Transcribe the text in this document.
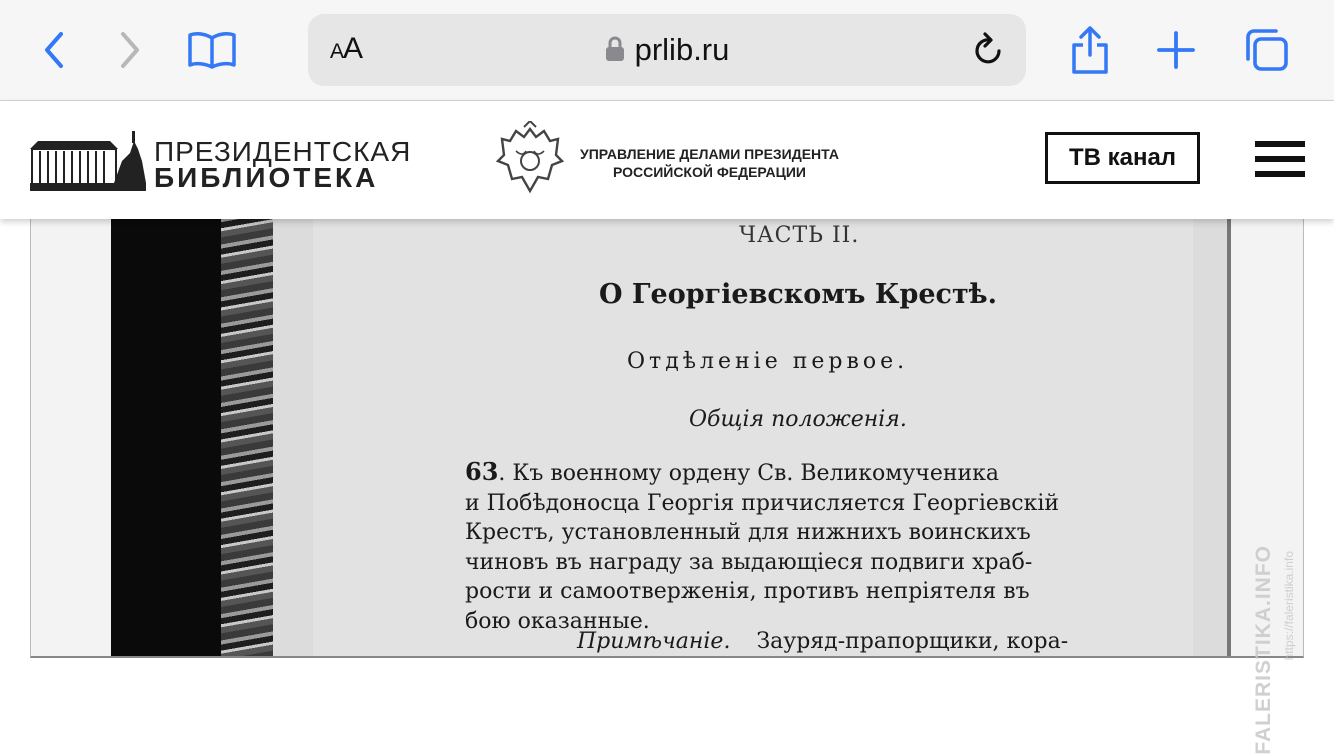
AA	prlib.ru
ПРЕЗИДЕНТСКАЯ
БИБЛИОТЕКА
УПРАВЛЕНИЕ ДЕЛАМИ ПРЕЗИДЕНТА
РОССИЙСКОЙ ФЕДЕРАЦИИ
ТВ канал
ЧАСТЬ II.
О Георгіевскомъ Крестѣ.
Отдѣленіе первое.
Общія положенія.
63. Къ военному ордену Св. Великомученика
и Побѣдоносца Георгія причисляется Георгіевскій
Крестъ, установленный для нижнихъ воинскихъ
чиновъ въ награду за выдающіеся подвиги храб-
рости и самоотверженія, противъ непріятеля въ
бою оказанные.
Примѣчаніе. Зауряд-прапорщики, кора-	FALERISTIKA.INFO https://faleristika.info
